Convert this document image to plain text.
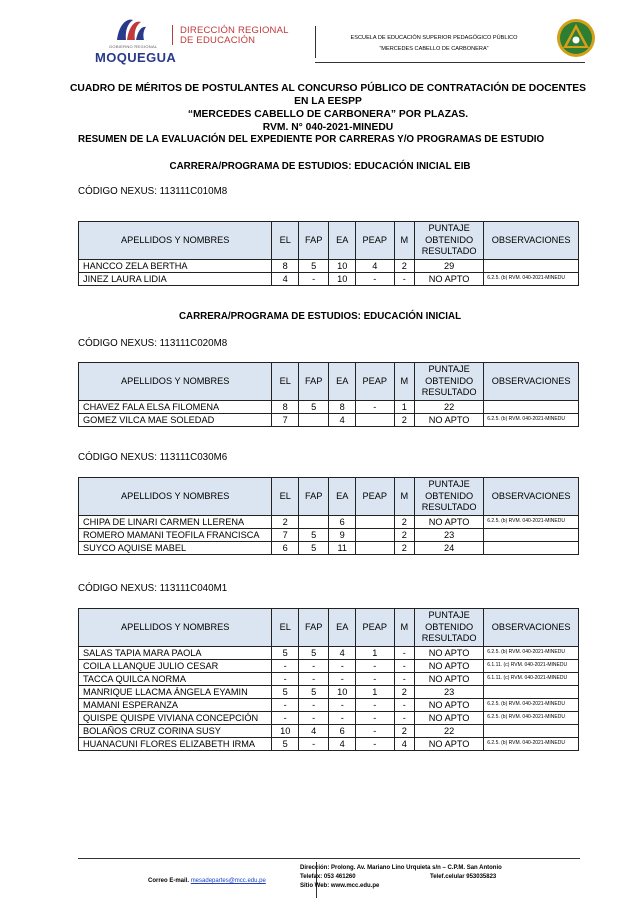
GOBIERNO REGIONAL
MOQUEGUA
DIRECCIÓN REGIONAL
DE EDUCACIÓN	ESCUELA DE EDUCACIÓN SUPERIOR PEDAGÓGICO PÚBLICO
“MERCEDES CABELLO DE CARBONERA”
CUADRO DE MÉRITOS DE POSTULANTES AL CONCURSO PÚBLICO DE CONTRATACIÓN DE DOCENTES EN LA EESPP
“MERCEDES CABELLO DE CARBONERA” POR PLAZAS.
RVM. N° 040-2021-MINEDU
RESUMEN DE LA EVALUACIÓN DEL EXPEDIENTE POR CARRERAS Y/O PROGRAMAS DE ESTUDIO
CARRERA/PROGRAMA DE ESTUDIOS: EDUCACIÓN INICIAL EIB
CÓDIGO NEXUS: 113111C010M8
APELLIDOS Y NOMBRES	EL	FAP	EA	PEAP	M	PUNTAJE
OBTENIDO
RESULTADO	OBSERVACIONES
HANCCO ZELA BERTHA	8	5	10	4	2	29	
JINEZ LAURA LIDIA	4	-	10	-	-	NO APTO	6.2.5. (b) RVM. 040-2021-MINEDU
CARRERA/PROGRAMA DE ESTUDIOS: EDUCACIÓN INICIAL
CÓDIGO NEXUS: 113111C020M8
APELLIDOS Y NOMBRES	EL	FAP	EA	PEAP	M	PUNTAJE
OBTENIDO
RESULTADO	OBSERVACIONES
CHAVEZ FALA ELSA FILOMENA	8	5	8	-	1	22	
GOMEZ VILCA MAE SOLEDAD	7		4		2	NO APTO	6.2.5. (b) RVM. 040-2021-MINEDU
CÓDIGO NEXUS: 113111C030M6
APELLIDOS Y NOMBRES	EL	FAP	EA	PEAP	M	PUNTAJE
OBTENIDO
RESULTADO	OBSERVACIONES
CHIPA DE LINARI CARMEN LLERENA	2		6		2	NO APTO	6.2.5. (b) RVM. 040-2021-MINEDU
ROMERO MAMANI TEOFILA FRANCISCA	7	5	9		2	23	
SUYCO AQUISE MABEL	6	5	11		2	24	
CÓDIGO NEXUS: 113111C040M1
APELLIDOS Y NOMBRES	EL	FAP	EA	PEAP	M	PUNTAJE
OBTENIDO
RESULTADO	OBSERVACIONES
SALAS TAPIA MARA PAOLA	5	5	4	1	-	NO APTO	6.2.5. (b) RVM. 040-2021-MINEDU
COILA LLANQUE JULIO CESAR	-	-	-	-	-	NO APTO	6.1.11. (c) RVM. 040-2021-MINEDU
TACCA QUILCA NORMA	-	-	-	-	-	NO APTO	6.1.11. (c) RVM. 040-2021-MINEDU
MANRIQUE LLACMA ÁNGELA EYAMIN	5	5	10	1	2	23	
MAMANI ESPERANZA	-	-	-	-	-	NO APTO	6.2.5. (b) RVM. 040-2021-MINEDU
QUISPE QUISPE VIVIANA CONCEPCIÓN	-	-	-	-	-	NO APTO	6.2.5. (b) RVM. 040-2021-MINEDU
BOLAÑOS CRUZ CORINA SUSY	10	4	6	-	2	22	
HUANACUNI FLORES ELIZABETH IRMA	5	-	4	-	4	NO APTO	6.2.5. (b) RVM. 040-2021-MINEDU
Correo E-mail. mesadepartes@mcc.edu.pe
Dirección: Prolong. Av. Mariano Lino Urquieta s/n – C.P.M. San Antonio
Telefax: 053 461260	Telef.celular 953035823
Sitio Web: www.mcc.edu.pe
